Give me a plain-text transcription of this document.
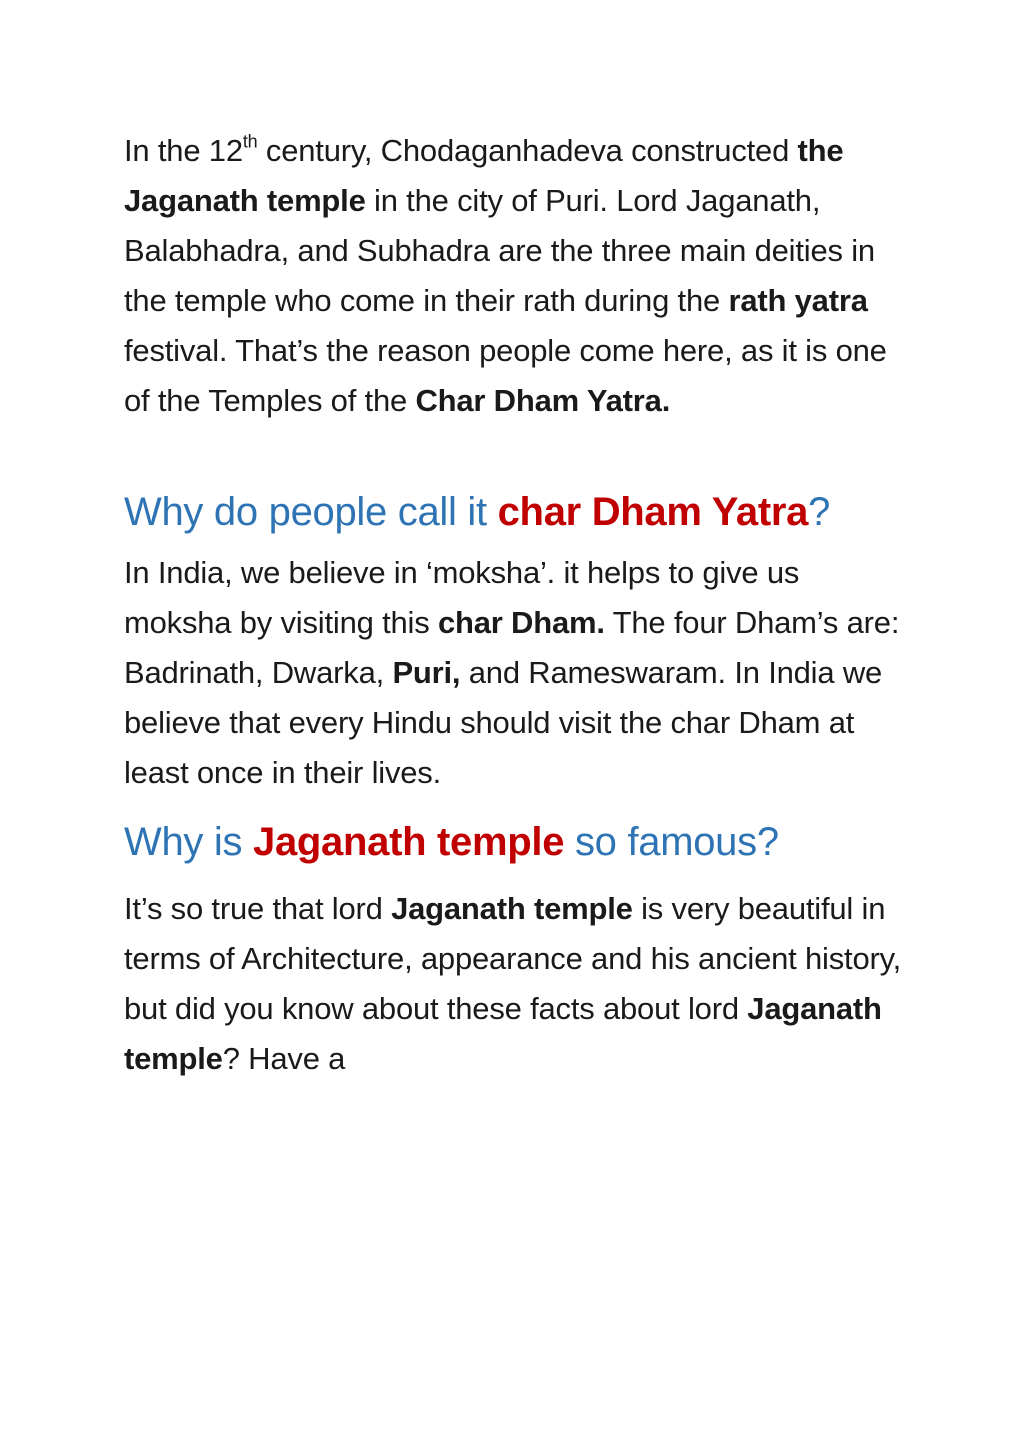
In the 12th century, Chodaganhadeva constructed the Jaganath temple in the city of Puri. Lord Jaganath, Balabhadra, and Subhadra are the three main deities in the temple who come in their rath during the rath yatra festival. That’s the reason people come here, as it is one of the Temples of the Char Dham Yatra.

Why do people call it char Dham Yatra?

In India, we believe in ‘moksha’. it helps to give us moksha by visiting this char Dham. The four Dham’s are: Badrinath, Dwarka, Puri, and Rameswaram. In India we believe that every Hindu should visit the char Dham at least once in their lives.

Why is Jaganath temple so famous?

It’s so true that lord Jaganath temple is very beautiful in terms of Architecture, appearance and his ancient history, but did you know about these facts about lord Jaganath temple? Have a
